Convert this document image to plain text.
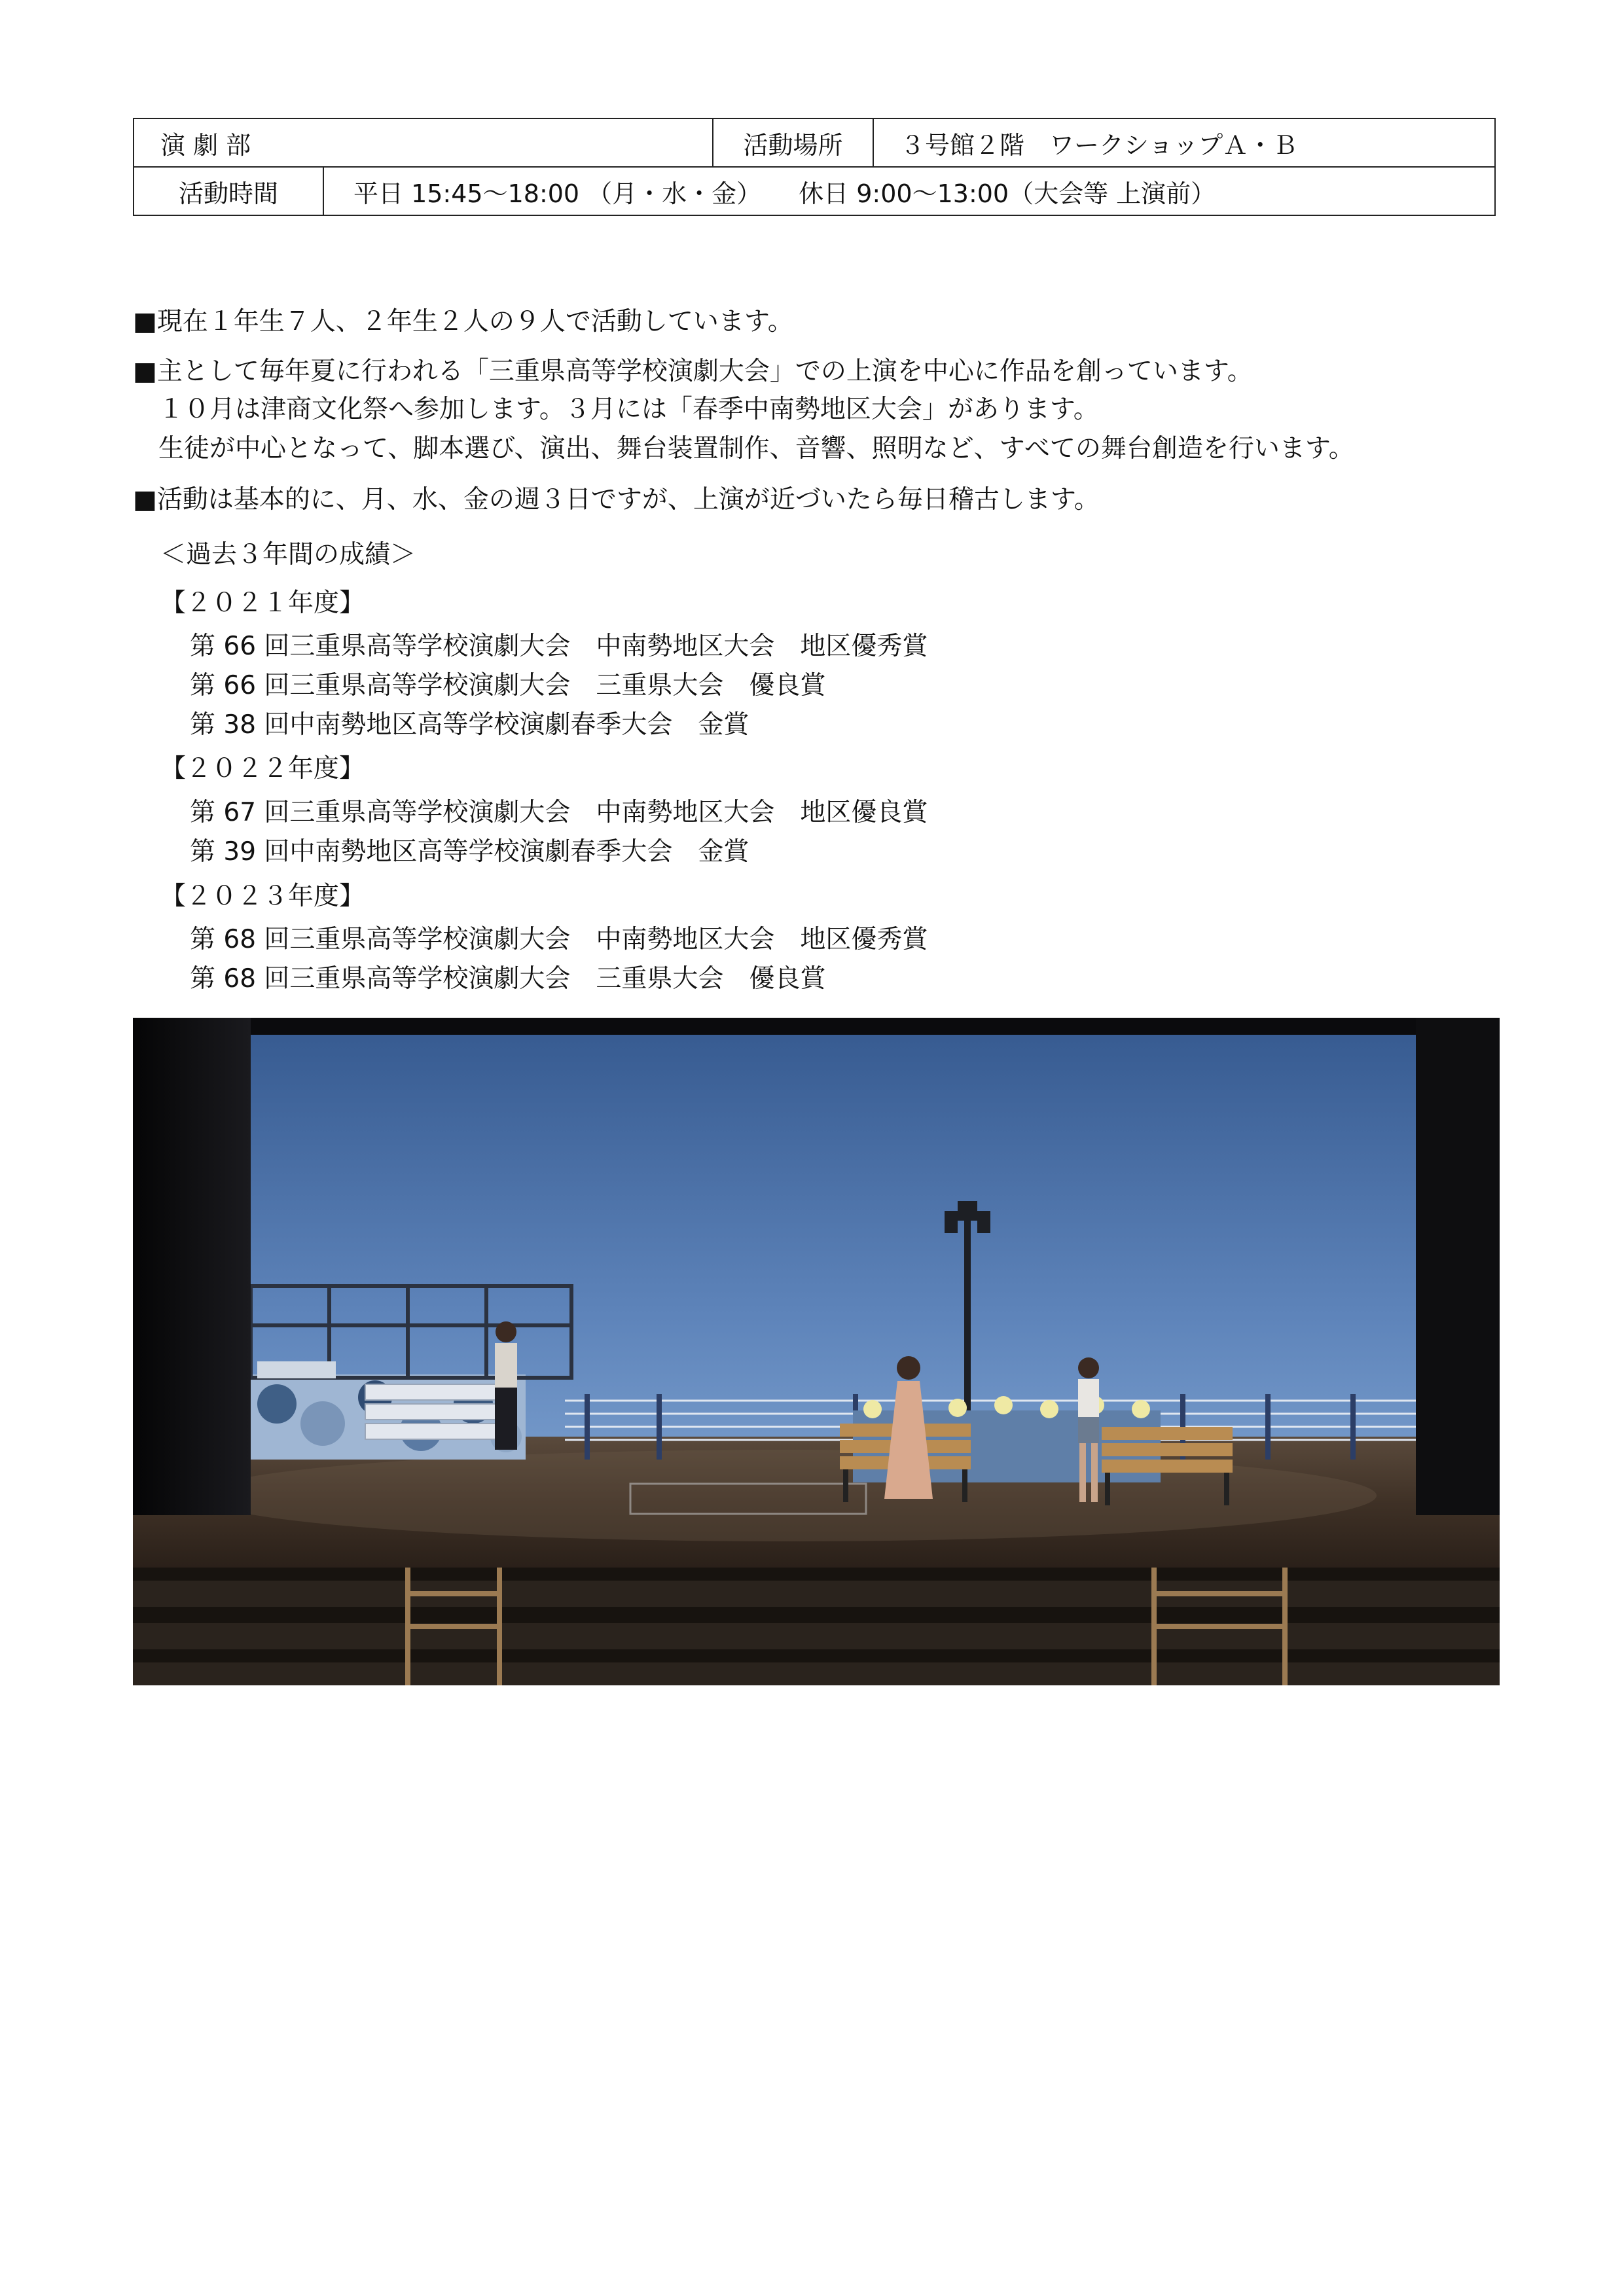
演 劇 部		活動場所	３号館２階　ワークショップＡ・Ｂ
活動時間	平日 15:45～18:00 （月・水・金）　　休日 9:00～13:00（大会等 上演前）		
■現在１年生７人、２年生２人の９人で活動しています。
■主として毎年夏に行われる「三重県高等学校演劇大会」での上演を中心に作品を創っています。
　１０月は津商文化祭へ参加します。３月には「春季中南勢地区大会」があります。
　生徒が中心となって、脚本選び、演出、舞台装置制作、音響、照明など、すべての舞台創造を行います。
■活動は基本的に、月、水、金の週３日ですが、上演が近づいたら毎日稽古します。
＜過去３年間の成績＞
【２０２１年度】
第 66 回三重県高等学校演劇大会　中南勢地区大会　地区優秀賞
第 66 回三重県高等学校演劇大会　三重県大会　優良賞
第 38 回中南勢地区高等学校演劇春季大会　金賞
【２０２２年度】
第 67 回三重県高等学校演劇大会　中南勢地区大会　地区優良賞
第 39 回中南勢地区高等学校演劇春季大会　金賞
【２０２３年度】
第 68 回三重県高等学校演劇大会　中南勢地区大会　地区優秀賞
第 68 回三重県高等学校演劇大会　三重県大会　優良賞
